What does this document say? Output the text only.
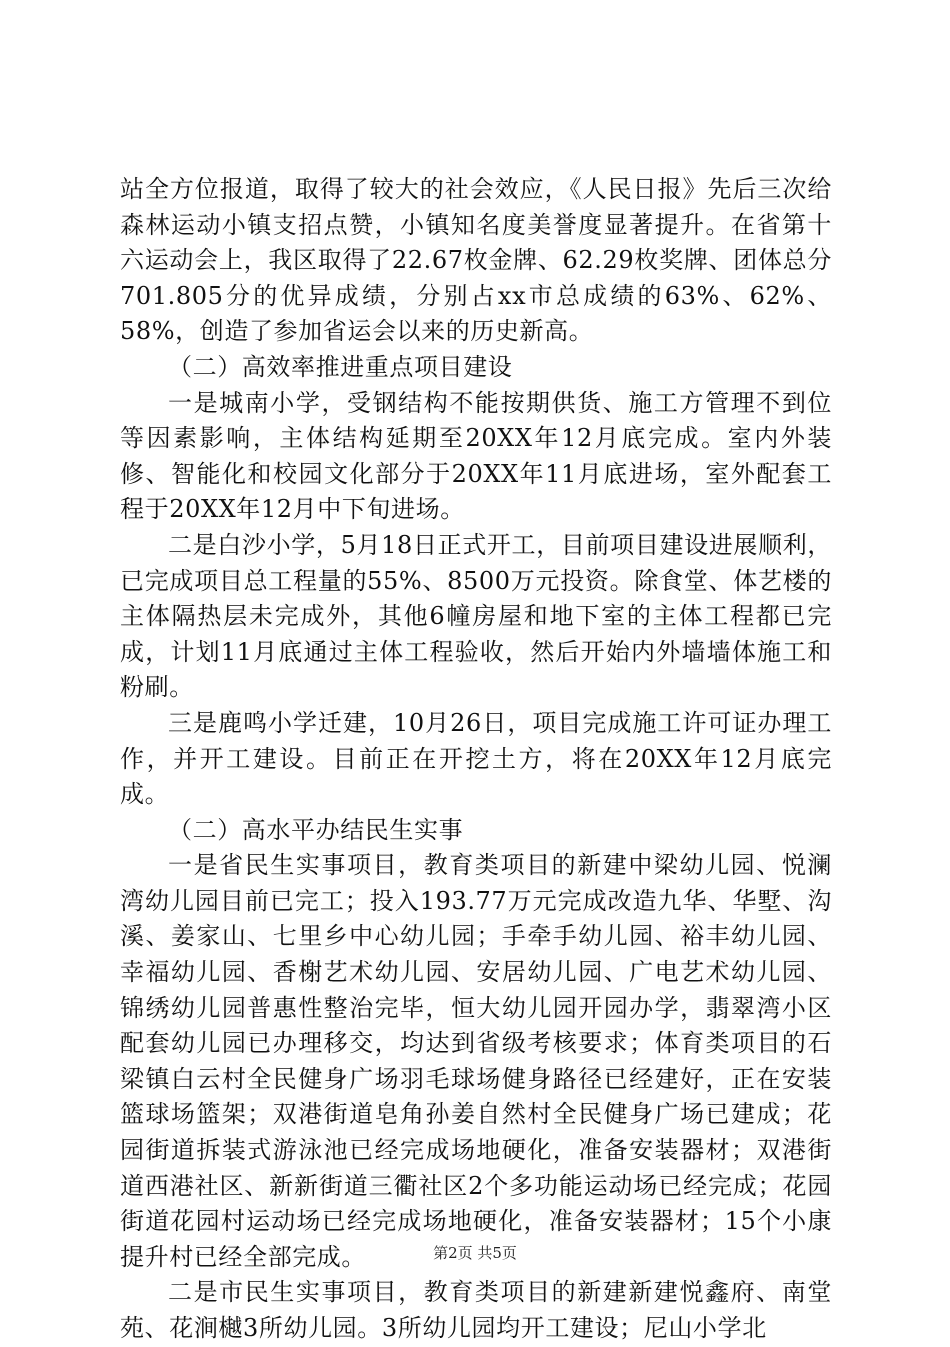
站全方位报道，取得了较大的社会效应，《人民日报》先后三次给森林运动小镇支招点赞，小镇知名度美誉度显著提升。在省第十六运动会上，我区取得了22.67枚金牌、62.29枚奖牌、团体总分701.805分的优异成绩，分别占xx市总成绩的63%、62%、58%，创造了参加省运会以来的历史新高。

（二）高效率推进重点项目建设

一是城南小学，受钢结构不能按期供货、施工方管理不到位等因素影响，主体结构延期至20XX年12月底完成。室内外装修、智能化和校园文化部分于20XX年11月底进场，室外配套工程于20XX年12月中下旬进场。

二是白沙小学，5月18日正式开工，目前项目建设进展顺利，已完成项目总工程量的55%、8500万元投资。除食堂、体艺楼的主体隔热层未完成外，其他6幢房屋和地下室的主体工程都已完成，计划11月底通过主体工程验收，然后开始内外墙墙体施工和粉刷。

三是鹿鸣小学迁建，10月26日，项目完成施工许可证办理工作，并开工建设。目前正在开挖土方，将在20XX年12月底完成。

（二）高水平办结民生实事

一是省民生实事项目，教育类项目的新建中梁幼儿园、悦澜湾幼儿园目前已完工；投入193.77万元完成改造九华、华墅、沟溪、姜家山、七里乡中心幼儿园；手牵手幼儿园、裕丰幼儿园、幸福幼儿园、香榭艺术幼儿园、安居幼儿园、广电艺术幼儿园、锦绣幼儿园普惠性整治完毕，恒大幼儿园开园办学，翡翠湾小区配套幼儿园已办理移交，均达到省级考核要求；体育类项目的石梁镇白云村全民健身广场羽毛球场健身路径已经建好，正在安装篮球场篮架；双港街道皂角孙姜自然村全民健身广场已建成；花园街道拆装式游泳池已经完成场地硬化，准备安装器材；双港街道西港社区、新新街道三衢社区2个多功能运动场已经完成；花园街道花园村运动场已经完成场地硬化，准备安装器材；15个小康提升村已经全部完成。

二是市民生实事项目，教育类项目的新建新建悦鑫府、南堂苑、花涧樾3所幼儿园。3所幼儿园均开工建设；尼山小学北

第2页 共5页
